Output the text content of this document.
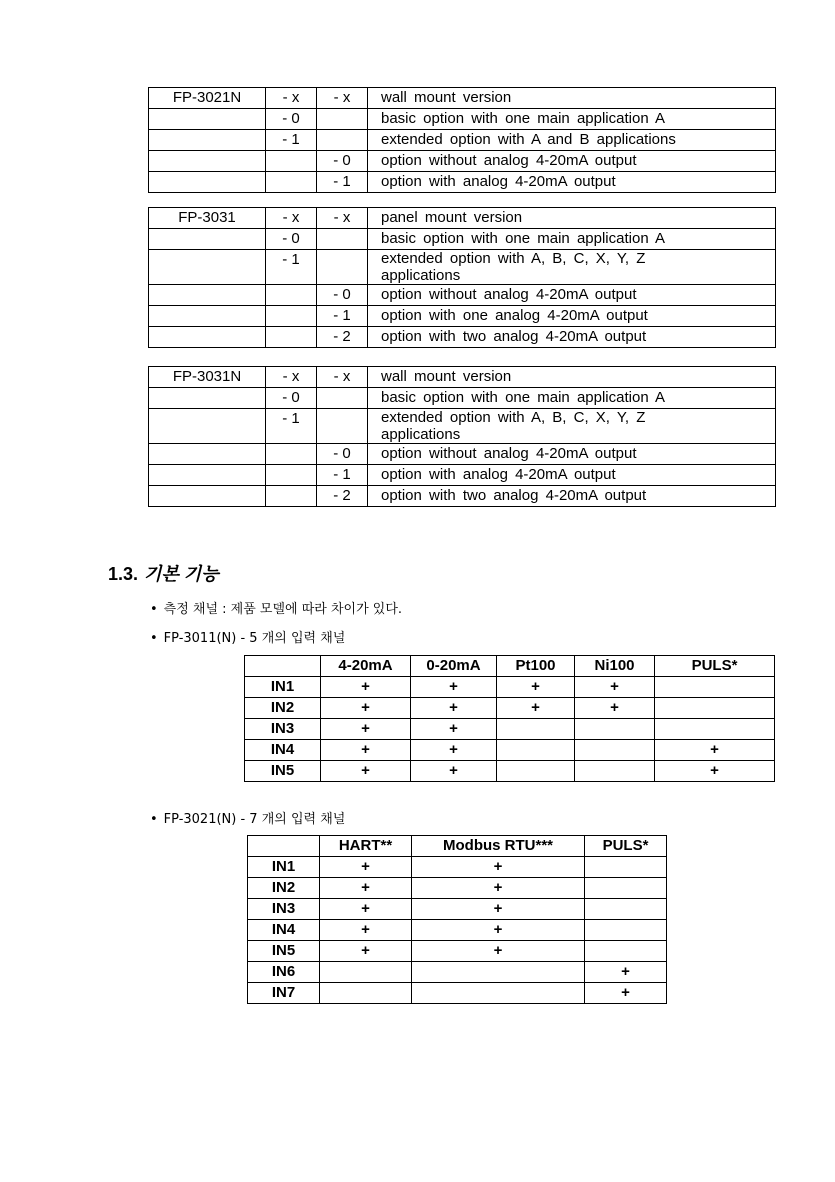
FP-3021N	- x	- x	wall mount version
	- 0		basic option with one main application A
	- 1		extended option with A and B applications
		- 0	option without analog 4-20mA output
		- 1	option with analog 4-20mA output
FP-3031	- x	- x	panel mount version
	- 0		basic option with one main application A
	- 1		extended option with A, B, C, X, Y, Z applications
		- 0	option without analog 4-20mA output
		- 1	option with one analog 4-20mA output
		- 2	option with two analog 4-20mA output
FP-3031N	- x	- x	wall mount version
	- 0		basic option with one main application A
	- 1		extended option with A, B, C, X, Y, Z applications
		- 0	option without analog 4-20mA output
		- 1	option with analog 4-20mA output
		- 2	option with two analog 4-20mA output
1.3. 기본 기능
• 측정 채널 : 제품 모델에 따라 차이가 있다.
• FP-3011(N) - 5 개의 입력 채널
	4-20mA	0-20mA	Pt100	Ni100	PULS*
IN1	+	+	+	+	
IN2	+	+	+	+	
IN3	+	+			
IN4	+	+			+
IN5	+	+			+
• FP-3021(N) - 7 개의 입력 채널
	HART**	Modbus RTU***	PULS*
IN1	+	+	
IN2	+	+	
IN3	+	+	
IN4	+	+	
IN5	+	+	
IN6			+
IN7			+
